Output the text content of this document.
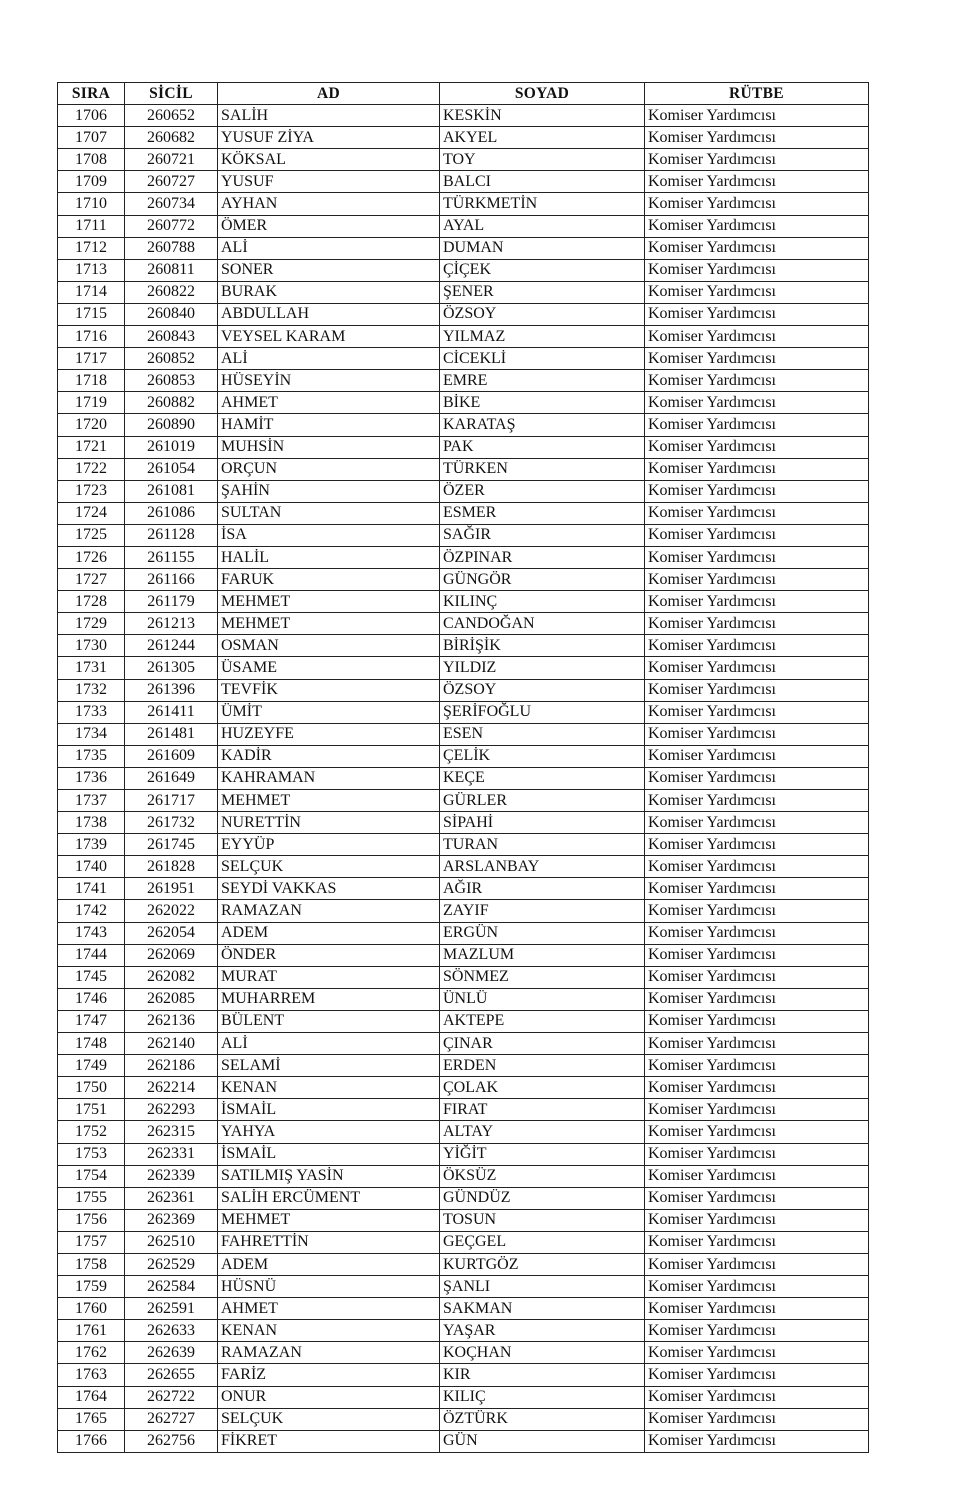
SIRA	SİCİL	AD	SOYAD	RÜTBE
1706	260652	SALİH	KESKİN	Komiser Yardımcısı
1707	260682	YUSUF ZİYA	AKYEL	Komiser Yardımcısı
1708	260721	KÖKSAL	TOY	Komiser Yardımcısı
1709	260727	YUSUF	BALCI	Komiser Yardımcısı
1710	260734	AYHAN	TÜRKMETİN	Komiser Yardımcısı
1711	260772	ÖMER	AYAL	Komiser Yardımcısı
1712	260788	ALİ	DUMAN	Komiser Yardımcısı
1713	260811	SONER	ÇİÇEK	Komiser Yardımcısı
1714	260822	BURAK	ŞENER	Komiser Yardımcısı
1715	260840	ABDULLAH	ÖZSOY	Komiser Yardımcısı
1716	260843	VEYSEL KARAM	YILMAZ	Komiser Yardımcısı
1717	260852	ALİ	CİCEKLİ	Komiser Yardımcısı
1718	260853	HÜSEYİN	EMRE	Komiser Yardımcısı
1719	260882	AHMET	BİKE	Komiser Yardımcısı
1720	260890	HAMİT	KARATAŞ	Komiser Yardımcısı
1721	261019	MUHSİN	PAK	Komiser Yardımcısı
1722	261054	ORÇUN	TÜRKEN	Komiser Yardımcısı
1723	261081	ŞAHİN	ÖZER	Komiser Yardımcısı
1724	261086	SULTAN	ESMER	Komiser Yardımcısı
1725	261128	İSA	SAĞIR	Komiser Yardımcısı
1726	261155	HALİL	ÖZPINAR	Komiser Yardımcısı
1727	261166	FARUK	GÜNGÖR	Komiser Yardımcısı
1728	261179	MEHMET	KILINÇ	Komiser Yardımcısı
1729	261213	MEHMET	CANDOĞAN	Komiser Yardımcısı
1730	261244	OSMAN	BİRİŞİK	Komiser Yardımcısı
1731	261305	ÜSAME	YILDIZ	Komiser Yardımcısı
1732	261396	TEVFİK	ÖZSOY	Komiser Yardımcısı
1733	261411	ÜMİT	ŞERİFOĞLU	Komiser Yardımcısı
1734	261481	HUZEYFE	ESEN	Komiser Yardımcısı
1735	261609	KADİR	ÇELİK	Komiser Yardımcısı
1736	261649	KAHRAMAN	KEÇE	Komiser Yardımcısı
1737	261717	MEHMET	GÜRLER	Komiser Yardımcısı
1738	261732	NURETTİN	SİPAHİ	Komiser Yardımcısı
1739	261745	EYYÜP	TURAN	Komiser Yardımcısı
1740	261828	SELÇUK	ARSLANBAY	Komiser Yardımcısı
1741	261951	SEYDİ VAKKAS	AĞIR	Komiser Yardımcısı
1742	262022	RAMAZAN	ZAYIF	Komiser Yardımcısı
1743	262054	ADEM	ERGÜN	Komiser Yardımcısı
1744	262069	ÖNDER	MAZLUM	Komiser Yardımcısı
1745	262082	MURAT	SÖNMEZ	Komiser Yardımcısı
1746	262085	MUHARREM	ÜNLÜ	Komiser Yardımcısı
1747	262136	BÜLENT	AKTEPE	Komiser Yardımcısı
1748	262140	ALİ	ÇINAR	Komiser Yardımcısı
1749	262186	SELAMİ	ERDEN	Komiser Yardımcısı
1750	262214	KENAN	ÇOLAK	Komiser Yardımcısı
1751	262293	İSMAİL	FIRAT	Komiser Yardımcısı
1752	262315	YAHYA	ALTAY	Komiser Yardımcısı
1753	262331	İSMAİL	YİĞİT	Komiser Yardımcısı
1754	262339	SATILMIŞ YASİN	ÖKSÜZ	Komiser Yardımcısı
1755	262361	SALİH ERCÜMENT	GÜNDÜZ	Komiser Yardımcısı
1756	262369	MEHMET	TOSUN	Komiser Yardımcısı
1757	262510	FAHRETTİN	GEÇGEL	Komiser Yardımcısı
1758	262529	ADEM	KURTGÖZ	Komiser Yardımcısı
1759	262584	HÜSNÜ	ŞANLI	Komiser Yardımcısı
1760	262591	AHMET	SAKMAN	Komiser Yardımcısı
1761	262633	KENAN	YAŞAR	Komiser Yardımcısı
1762	262639	RAMAZAN	KOÇHAN	Komiser Yardımcısı
1763	262655	FARİZ	KIR	Komiser Yardımcısı
1764	262722	ONUR	KILIÇ	Komiser Yardımcısı
1765	262727	SELÇUK	ÖZTÜRK	Komiser Yardımcısı
1766	262756	FİKRET	GÜN	Komiser Yardımcısı
